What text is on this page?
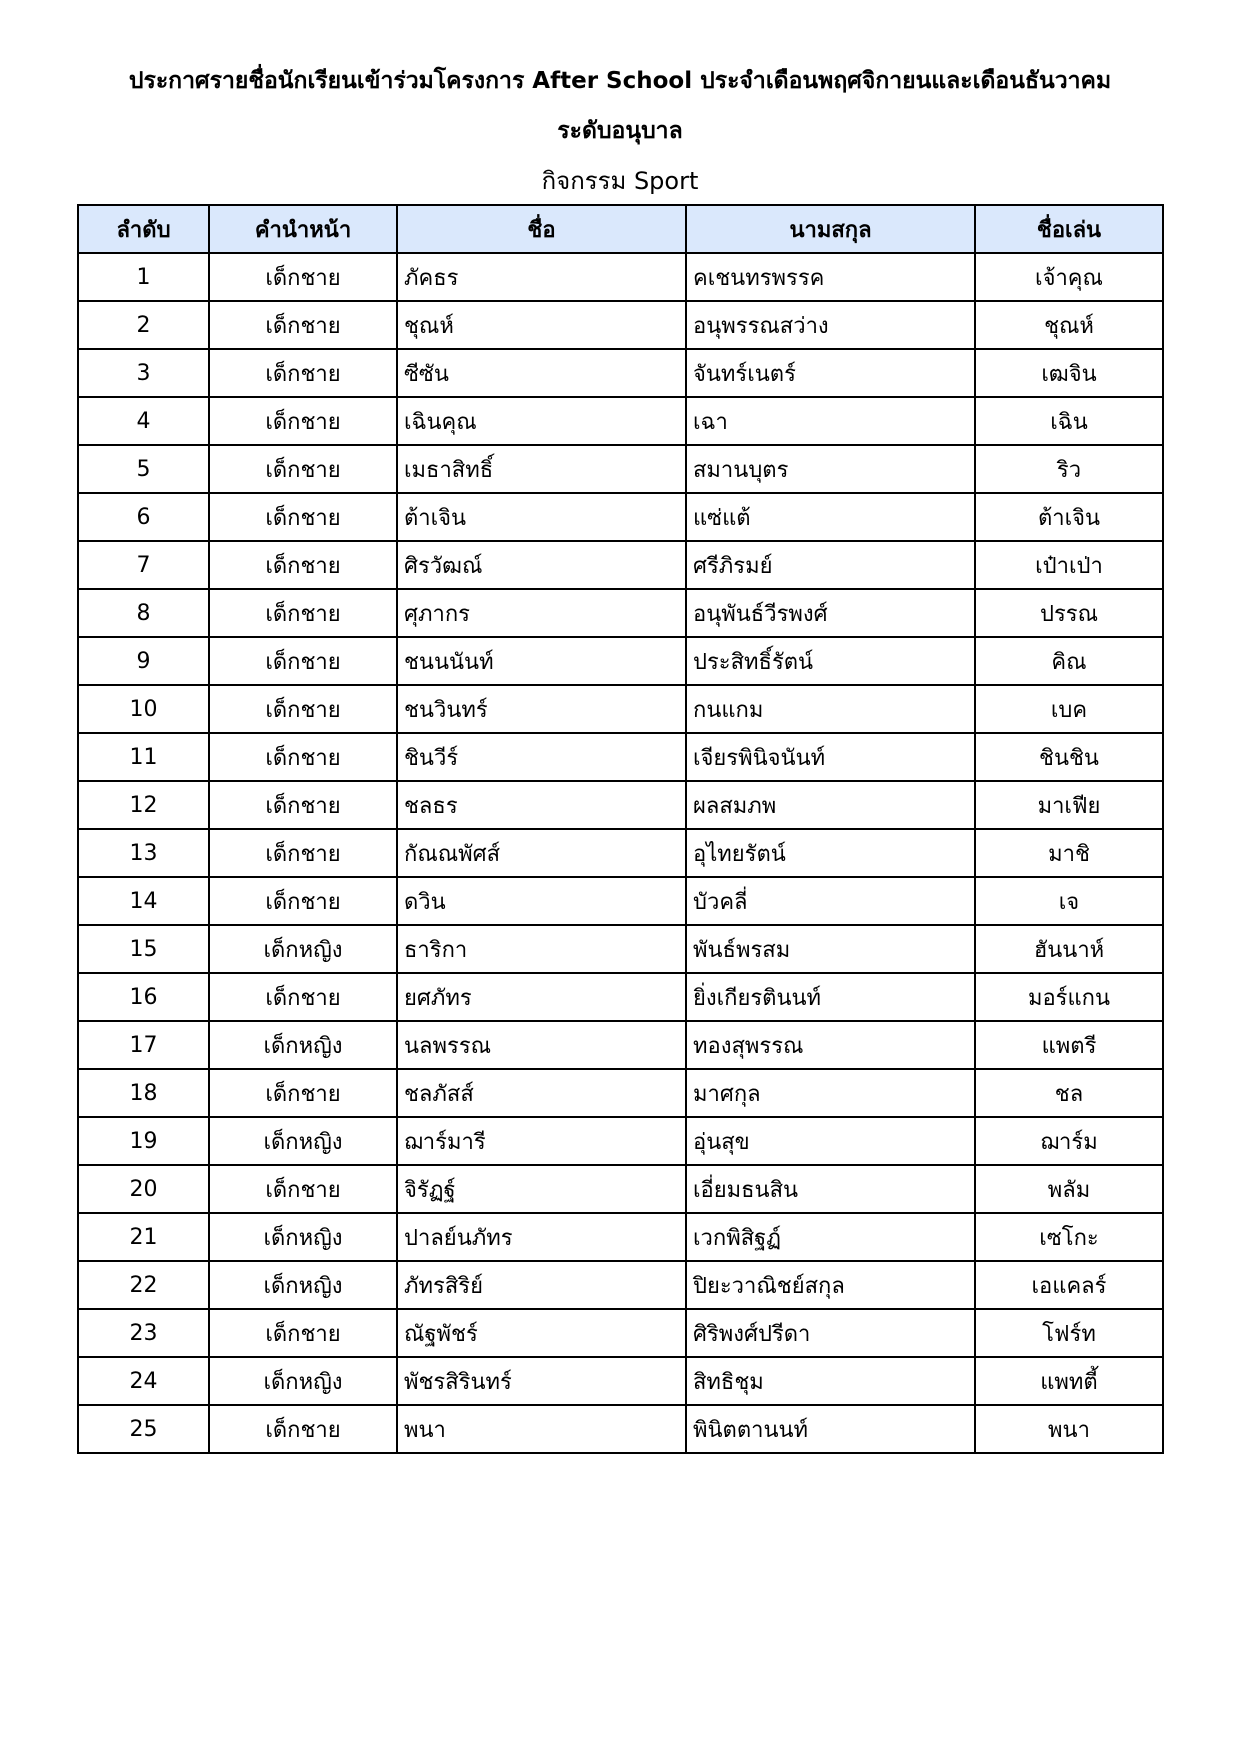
ประกาศรายชื่อนักเรียนเข้าร่วมโครงการ After School ประจำเดือนพฤศจิกายนและเดือนธันวาคม
ระดับอนุบาล
กิจกรรม Sport
ลำดับ	คำนำหน้า	ชื่อ	นามสกุล	ชื่อเล่น
1	เด็กชาย	ภัคธร	คเชนทรพรรค	เจ้าคุณ
2	เด็กชาย	ชุณห์	อนุพรรณสว่าง	ชุณห์
3	เด็กชาย	ซีซัน	จันทร์เนตร์	เฒจิน
4	เด็กชาย	เฉินคุณ	เฉา	เฉิน
5	เด็กชาย	เมธาสิทธิ์	สมานบุตร	ริว
6	เด็กชาย	ต้าเจิน	แซ่แต้	ต้าเจิน
7	เด็กชาย	ศิรวัฒณ์	ศรีภิรมย์	เป๋าเป่า
8	เด็กชาย	ศุภากร	อนุพันธ์วีรพงศ์	ปรรณ
9	เด็กชาย	ชนนนันท์	ประสิทธิ์รัตน์	คิณ
10	เด็กชาย	ชนวินทร์	กนแกม	เบค
11	เด็กชาย	ชินวีร์	เจียรพินิจนันท์	ชินชิน
12	เด็กชาย	ชลธร	ผลสมภพ	มาเฟีย
13	เด็กชาย	กัณณพัศส์	อุไทยรัตน์	มาชิ
14	เด็กชาย	ดวิน	บัวคลี่	เจ
15	เด็กหญิง	ธาริกา	พันธ์พรสม	ฮันนาห์
16	เด็กชาย	ยศภัทร	ยิ่งเกียรตินนท์	มอร์แกน
17	เด็กหญิง	นลพรรณ	ทองสุพรรณ	แพตรี
18	เด็กชาย	ชลภัสส์	มาศกุล	ชล
19	เด็กหญิง	ฌาร์มารี	อุ่นสุข	ฌาร์ม
20	เด็กชาย	จิรัฏฐ์	เอี่ยมธนสิน	พลัม
21	เด็กหญิง	ปาลย์นภัทร	เวกพิสิฐฏ์	เซโกะ
22	เด็กหญิง	ภัทรสิริย์	ปิยะวาณิชย์สกุล	เอแคลร์
23	เด็กชาย	ณัฐพัชร์	ศิริพงศ์ปรีดา	โฟร์ท
24	เด็กหญิง	พัชรสิรินทร์	สิทธิชุม	แพทตี้
25	เด็กชาย	พนา	พินิตตานนท์	พนา
